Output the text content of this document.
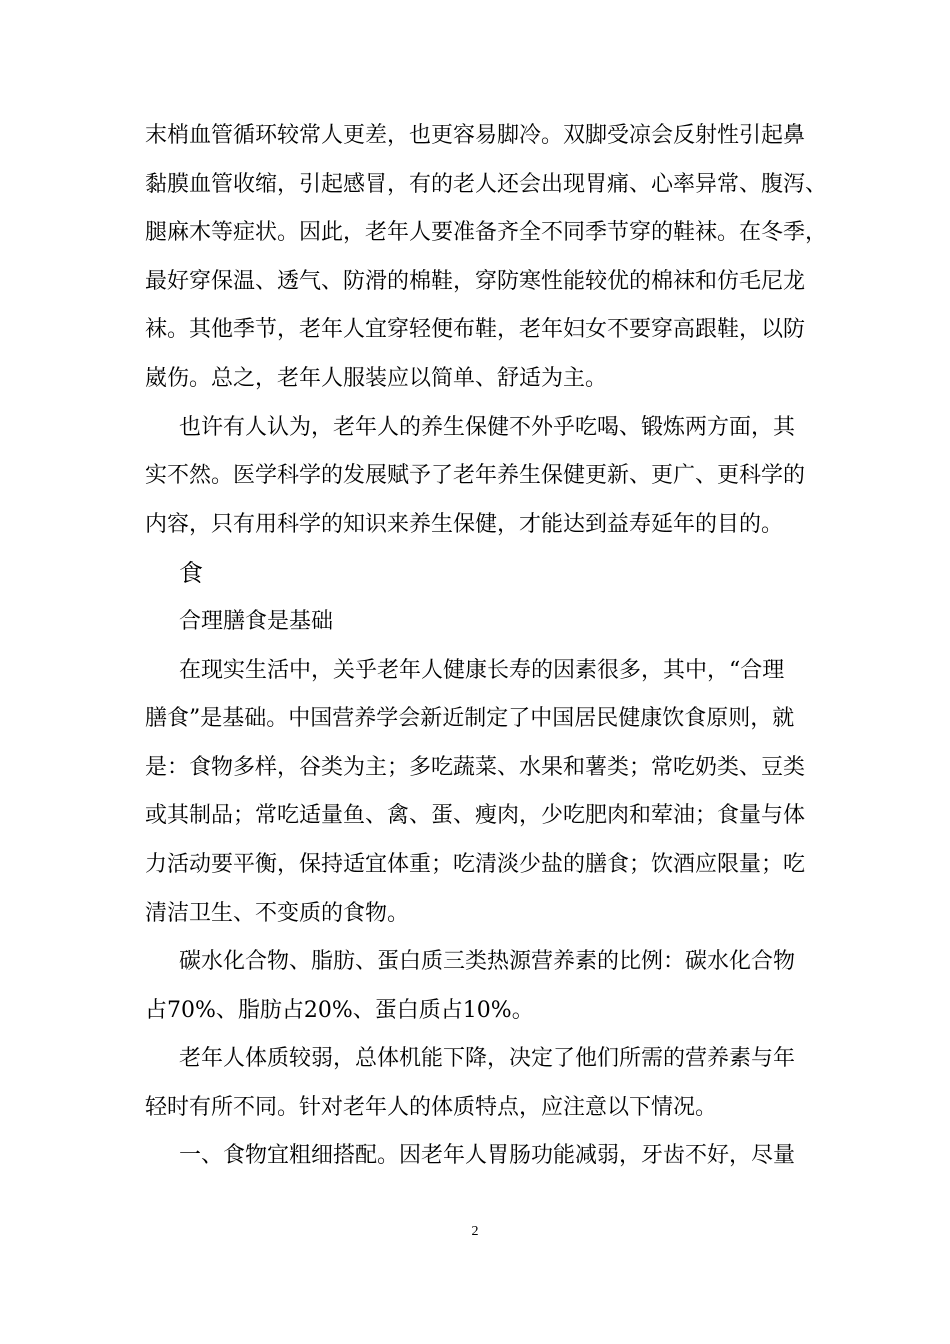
末梢血管循环较常人更差，也更容易脚冷。双脚受凉会反射性引起鼻
黏膜血管收缩，引起感冒，有的老人还会出现胃痛、心率异常、腹泻、
腿麻木等症状。因此，老年人要准备齐全不同季节穿的鞋袜。在冬季，
最好穿保温、透气、防滑的棉鞋，穿防寒性能较优的棉袜和仿毛尼龙
袜。其他季节，老年人宜穿轻便布鞋，老年妇女不要穿高跟鞋，以防
崴伤。总之，老年人服装应以简单、舒适为主。

也许有人认为，老年人的养生保健不外乎吃喝、锻炼两方面，其
实不然。医学科学的发展赋予了老年养生保健更新、更广、更科学的
内容，只有用科学的知识来养生保健，才能达到益寿延年的目的。

食

合理膳食是基础

在现实生活中，关乎老年人健康长寿的因素很多，其中，“合理
膳食”是基础。中国营养学会新近制定了中国居民健康饮食原则，就
是：食物多样，谷类为主；多吃蔬菜、水果和薯类；常吃奶类、豆类
或其制品；常吃适量鱼、禽、蛋、瘦肉，少吃肥肉和荤油；食量与体
力活动要平衡，保持适宜体重；吃清淡少盐的膳食；饮酒应限量；吃
清洁卫生、不变质的食物。

碳水化合物、脂肪、蛋白质三类热源营养素的比例：碳水化合物
占70%、脂肪占20%、蛋白质占10%。

老年人体质较弱，总体机能下降，决定了他们所需的营养素与年
轻时有所不同。针对老年人的体质特点，应注意以下情况。

一、食物宜粗细搭配。因老年人胃肠功能减弱，牙齿不好，尽量

2
